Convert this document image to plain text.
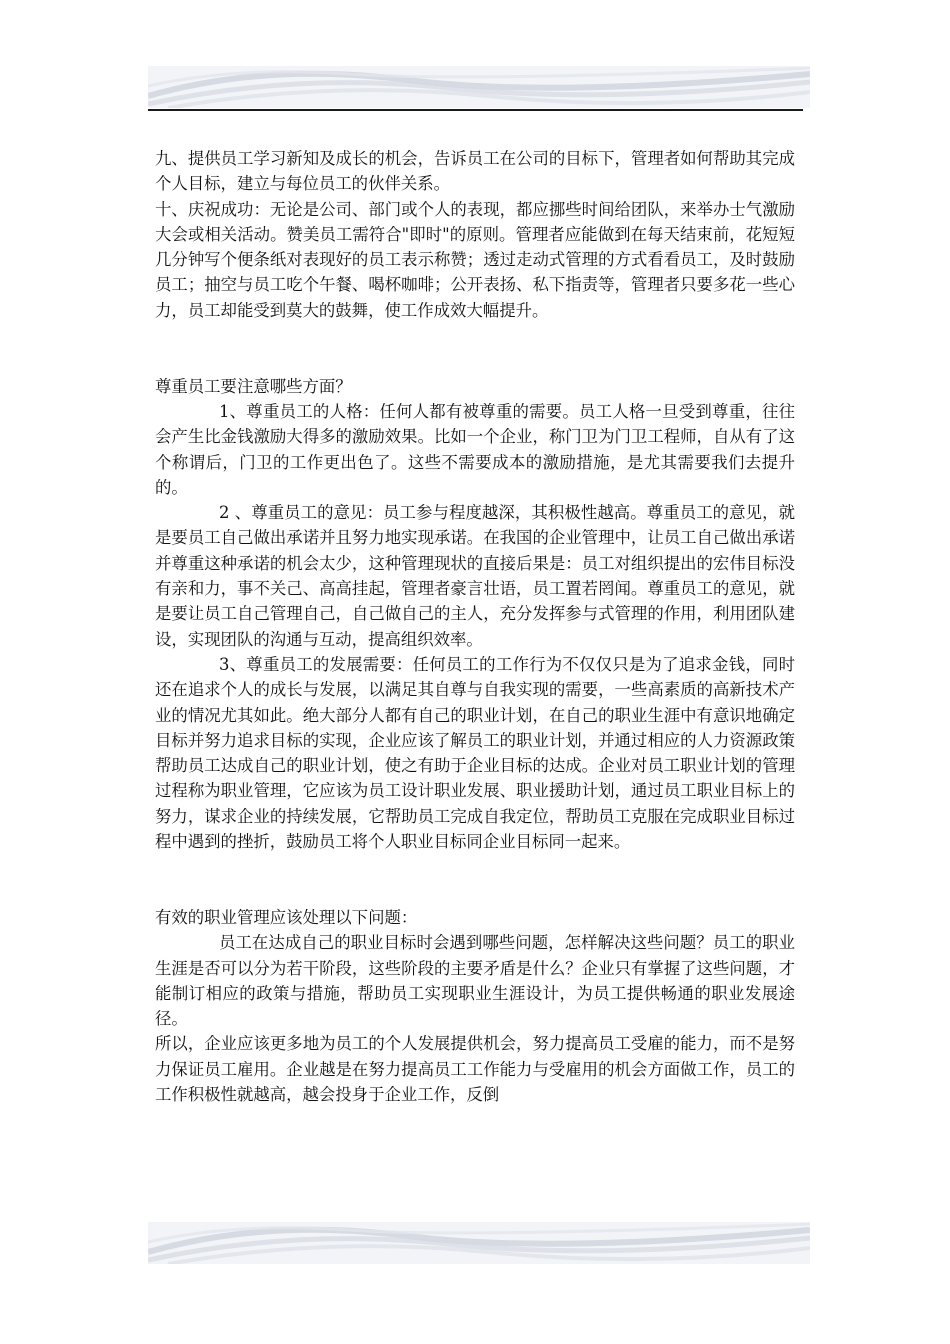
九、提供员工学习新知及成长的机会，告诉员工在公司的目标下，管理者如何帮助其完成个人目标，建立与每位员工的伙伴关系。

十、庆祝成功：无论是公司、部门或个人的表现，都应挪些时间给团队，来举办士气激励大会或相关活动。赞美员工需符合"即时"的原则。管理者应能做到在每天结束前，花短短几分钟写个便条纸对表现好的员工表示称赞；透过走动式管理的方式看看员工，及时鼓励员工；抽空与员工吃个午餐、喝杯咖啡；公开表扬、私下指责等，管理者只要多花一些心力，员工却能受到莫大的鼓舞，使工作成效大幅提升。

尊重员工要注意哪些方面？

1、尊重员工的人格：任何人都有被尊重的需要。员工人格一旦受到尊重，往往会产生比金钱激励大得多的激励效果。比如一个企业，称门卫为门卫工程师，自从有了这个称谓后，门卫的工作更出色了。这些不需要成本的激励措施，是尤其需要我们去提升的。

2 、尊重员工的意见：员工参与程度越深，其积极性越高。尊重员工的意见，就是要员工自己做出承诺并且努力地实现承诺。在我国的企业管理中，让员工自己做出承诺并尊重这种承诺的机会太少，这种管理现状的直接后果是：员工对组织提出的宏伟目标没有亲和力，事不关己、高高挂起，管理者豪言壮语，员工置若罔闻。尊重员工的意见，就是要让员工自己管理自己，自己做自己的主人，充分发挥参与式管理的作用，利用团队建设，实现团队的沟通与互动，提高组织效率。

3、尊重员工的发展需要：任何员工的工作行为不仅仅只是为了追求金钱，同时还在追求个人的成长与发展，以满足其自尊与自我实现的需要，一些高素质的高新技术产业的情况尤其如此。绝大部分人都有自己的职业计划，在自己的职业生涯中有意识地确定目标并努力追求目标的实现，企业应该了解员工的职业计划，并通过相应的人力资源政策帮助员工达成自己的职业计划，使之有助于企业目标的达成。企业对员工职业计划的管理过程称为职业管理，它应该为员工设计职业发展、职业援助计划，通过员工职业目标上的努力，谋求企业的持续发展，它帮助员工完成自我定位，帮助员工克服在完成职业目标过程中遇到的挫折，鼓励员工将个人职业目标同企业目标同一起来。

有效的职业管理应该处理以下问题：

员工在达成自己的职业目标时会遇到哪些问题，怎样解决这些问题？员工的职业生涯是否可以分为若干阶段，这些阶段的主要矛盾是什么？企业只有掌握了这些问题，才能制订相应的政策与措施，帮助员工实现职业生涯设计，为员工提供畅通的职业发展途径。

所以，企业应该更多地为员工的个人发展提供机会，努力提高员工受雇的能力，而不是努力保证员工雇用。企业越是在努力提高员工工作能力与受雇用的机会方面做工作，员工的工作积极性就越高，越会投身于企业工作，反倒
